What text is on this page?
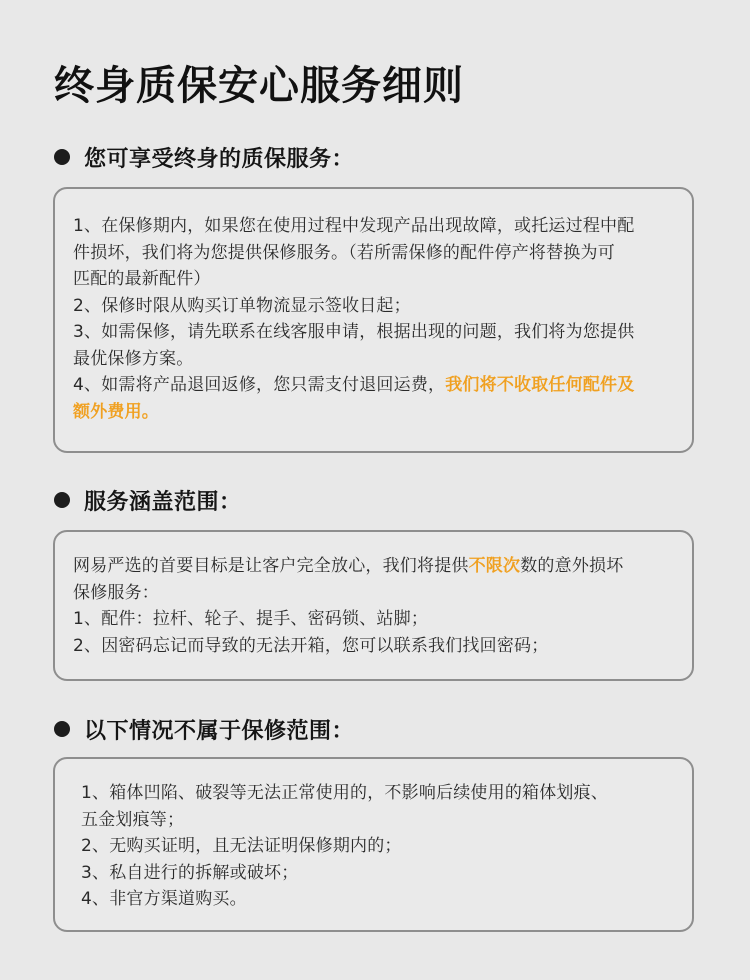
终身质保安心服务细则
您可享受终身的质保服务：
1、在保修期内，如果您在使用过程中发现产品出现故障，或托运过程中配
件损坏，我们将为您提供保修服务。（若所需保修的配件停产将替换为可
匹配的最新配件）
2、保修时限从购买订单物流显示签收日起；
3、如需保修，请先联系在线客服申请，根据出现的问题，我们将为您提供
最优保修方案。
4、如需将产品退回返修，您只需支付退回运费，我们将不收取任何配件及
额外费用。
服务涵盖范围：
网易严选的首要目标是让客户完全放心，我们将提供不限次数的意外损坏
保修服务：
1、配件：拉杆、轮子、提手、密码锁、站脚；
2、因密码忘记而导致的无法开箱，您可以联系我们找回密码；
以下情况不属于保修范围：
1、箱体凹陷、破裂等无法正常使用的，不影响后续使用的箱体划痕、
五金划痕等；
2、无购买证明，且无法证明保修期内的；
3、私自进行的拆解或破坏；
4、非官方渠道购买。
